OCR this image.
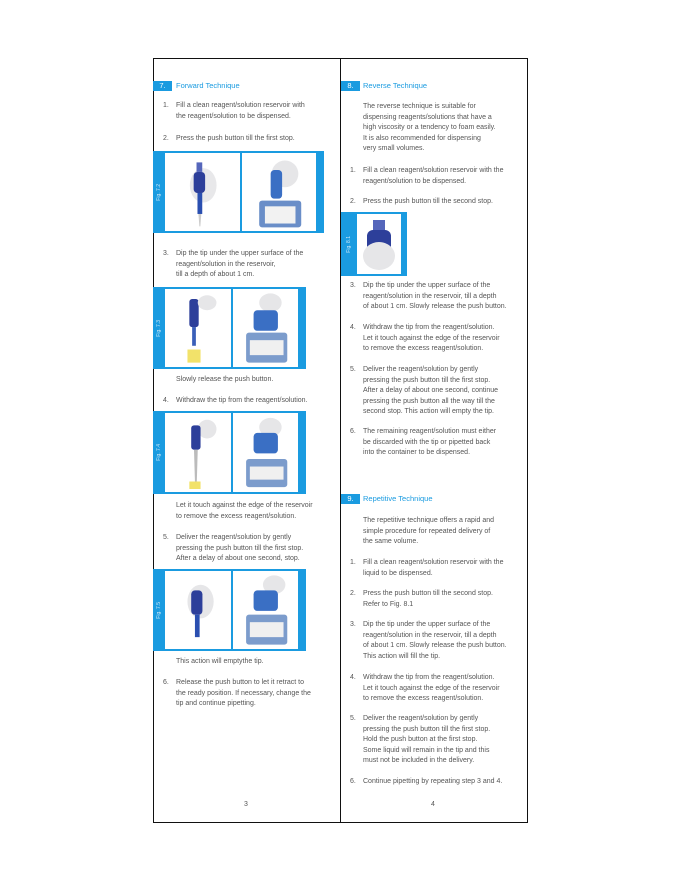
7.	Forward Technique
1. Fill a clean reagent/solution reservoir with
the reagent/solution to be dispensed.
2. Press the push button till the first stop.
Fig. 7.2
3. Dip the tip under the upper surface of the
reagent/solution in the reservoir,
till a depth of about 1 cm.
Fig. 7.3
Slowly release the push button.
4. Withdraw the tip from the reagent/solution.
Fig. 7.4
Let it touch against the edge of the reservoir
to remove the excess reagent/solution.
5. Deliver the reagent/solution by gently
pressing the push button till the first stop.
After a delay of about one second, stop.
Fig. 7.5
This action will emptythe tip.
6. Release the push button to let it retract to
the ready position. If necessary, change the
tip and continue pipetting.
3
8.	Reverse Technique
The reverse technique is suitable for
dispensing reagents/solutions that have a
high viscosity or a tendency to foam easily.
It is also recommended for dispensing
very small volumes.
1. Fill a clean reagent/solution reservoir with the
reagent/solution to be dispensed.
2. Press the push button till the second stop.
Fig. 8.1
3. Dip the tip under the upper surface of the
reagent/solution in the reservoir, till a depth
of about 1 cm. Slowly release the push button.
4. Withdraw the tip from the reagent/solution.
Let it touch against the edge of the reservoir
to remove the excess reagent/solution.
5. Deliver the reagent/solution by gently
pressing the push button till the first stop.
After a delay of about one second, continue
pressing the push button all the way till the
second stop. This action will empty the tip.
6. The remaining reagent/solution must either
be discarded with the tip or pipetted back
into the container to be dispensed.
9.	Repetitive Technique
The repetitive technique offers a rapid and
simple procedure for repeated delivery of
the same volume.
1. Fill a clean reagent/solution reservoir with the
liquid to be dispensed.
2. Press the push button till the second stop.
Refer to Fig. 8.1
3. Dip the tip under the upper surface of the
reagent/solution in the reservoir, till a depth
of about 1 cm. Slowly release the push button.
This action will fill the tip.
4. Withdraw the tip from the reagent/solution.
Let it touch against the edge of the reservoir
to remove the excess reagent/solution.
5. Deliver the reagent/solution by gently
pressing the push button till the first stop.
Hold the push button at the first stop.
Some liquid will remain in the tip and this
must not be included in the delivery.
6. Continue pipetting by repeating step 3 and 4.
4
